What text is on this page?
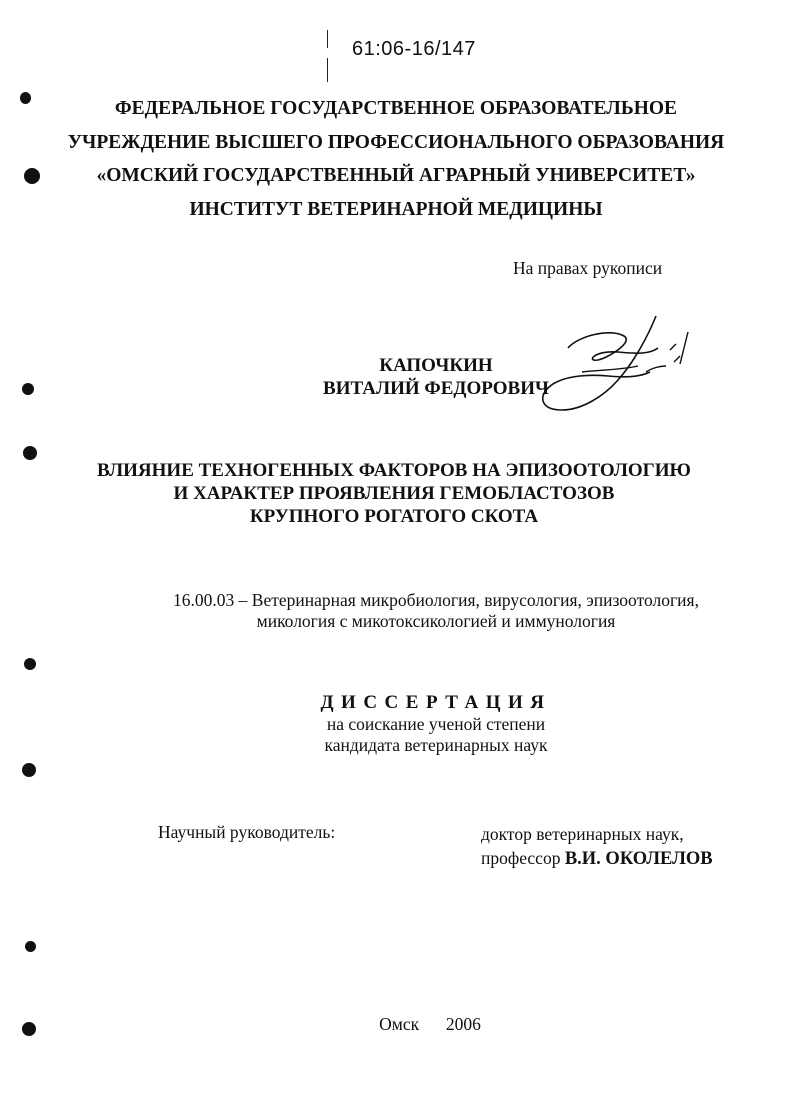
61:06-16/147
ФЕДЕРАЛЬНОЕ ГОСУДАРСТВЕННОЕ ОБРАЗОВАТЕЛЬНОЕ
УЧРЕЖДЕНИЕ ВЫСШЕГО ПРОФЕССИОНАЛЬНОГО ОБРАЗОВАНИЯ
«ОМСКИЙ ГОСУДАРСТВЕННЫЙ АГРАРНЫЙ УНИВЕРСИТЕТ»
ИНСТИТУТ ВЕТЕРИНАРНОЙ МЕДИЦИНЫ
На правах рукописи
КАПОЧКИН
ВИТАЛИЙ ФЕДОРОВИЧ
ВЛИЯНИЕ ТЕХНОГЕННЫХ ФАКТОРОВ НА ЭПИЗООТОЛОГИЮ
И ХАРАКТЕР ПРОЯВЛЕНИЯ ГЕМОБЛАСТОЗОВ
КРУПНОГО РОГАТОГО СКОТА
16.00.03 – Ветеринарная микробиология, вирусология, эпизоотология,
микология с микотоксикологией и иммунология
ДИССЕРТАЦИЯ
на соискание ученой степени
кандидата ветеринарных наук
Научный руководитель:	доктор ветеринарных наук,
профессор В.И. ОКОЛЕЛОВ
Омск 2006
